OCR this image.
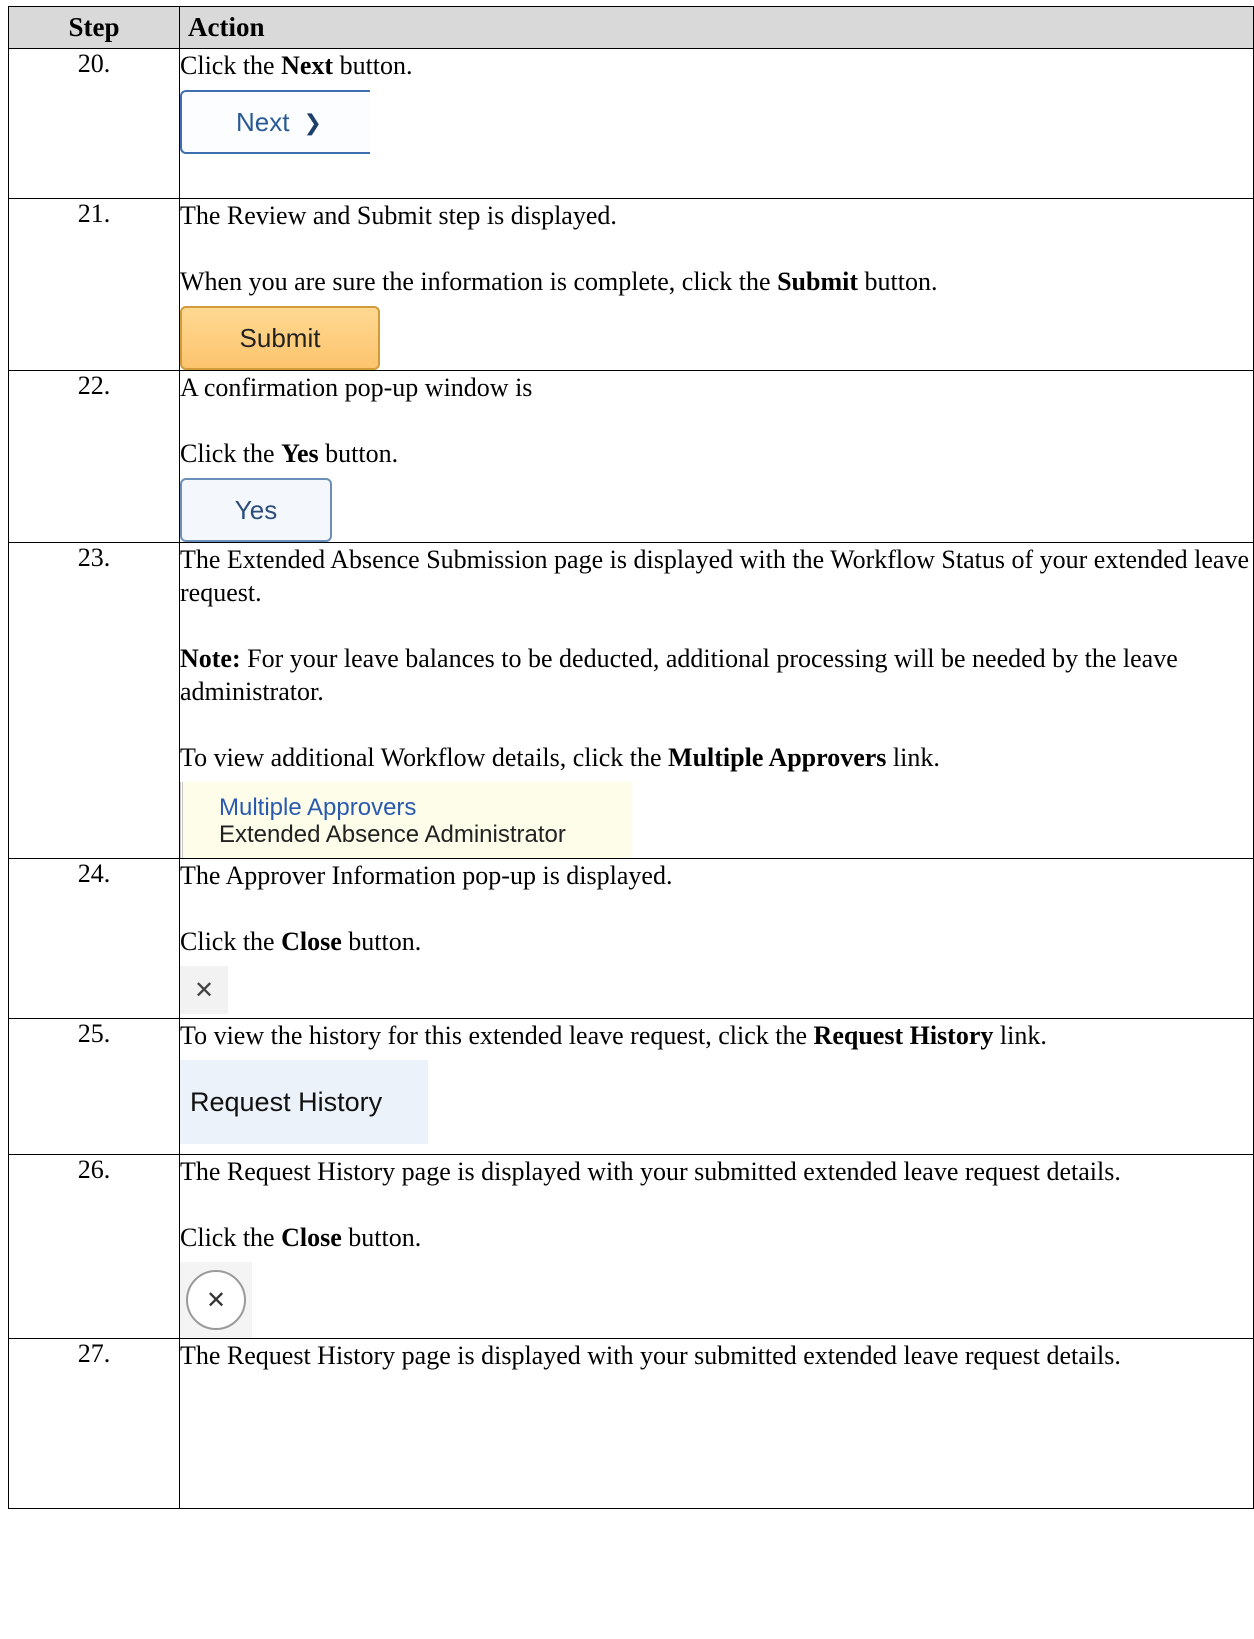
Step	Action
20.	Click the Next button.

Next ❯

21.	The Review and Submit step is displayed.

When you are sure the information is complete, click the Submit button.

Submit

22.	A confirmation pop-up window is

Click the Yes button.

Yes

23.	The Extended Absence Submission page is displayed with the Workflow Status of your extended leave request.

Note: For your leave balances to be deducted, additional processing will be needed by the leave administrator.

To view additional Workflow details, click the Multiple Approvers link.

Multiple Approvers
Extended Absence Administrator

24.	The Approver Information pop-up is displayed.

Click the Close button.

✕

25.	To view the history for this extended leave request, click the Request History link.

Request History

26.	The Request History page is displayed with your submitted extended leave request details.

Click the Close button.

✕

27.	The Request History page is displayed with your submitted extended leave request details.
